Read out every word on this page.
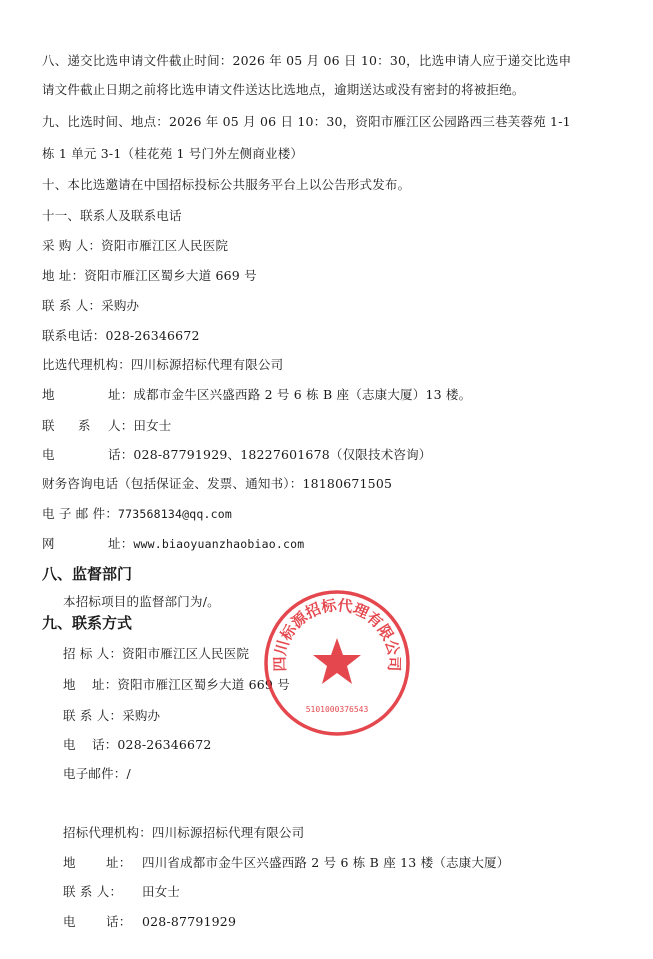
八、递交比选申请文件截止时间：2026 年 05 月 06 日 10：30，比选申请人应于递交比选申
请文件截止日期之前将比选申请文件送达比选地点，逾期送达或没有密封的将被拒绝。
九、比选时间、地点：2026 年 05 月 06 日 10：30，资阳市雁江区公园路西三巷芙蓉苑 1-1
栋 1 单元 3-1（桂花苑 1 号门外左侧商业楼）
十、本比选邀请在中国招标投标公共服务平台上以公告形式发布。
十一、联系人及联系电话
采 购 人：资阳市雁江区人民医院
地 址：资阳市雁江区蜀乡大道 669 号
联 系 人：采购办
联系电话：028-26346672
比选代理机构：四川标源招标代理有限公司
地	址：成都市金牛区兴盛西路 2 号 6 栋 B 座（志康大厦）13 楼。
联 系 人：田女士
电	话：028-87791929、18227601678（仅限技术咨询）
财务咨询电话（包括保证金、发票、通知书）：18180671505
电 子 邮 件：773568134@qq.com
网	址：www.biaoyuanzhaobiao.com
八、监督部门
本招标项目的监督部门为/。
九、联系方式
招 标 人：资阳市雁江区人民医院
地 址：资阳市雁江区蜀乡大道 669 号
联 系 人：采购办
电 话：028-26346672
电子邮件：/
招标代理机构：四川标源招标代理有限公司
地 址： 四川省成都市金牛区兴盛西路 2 号 6 栋 B 座 13 楼（志康大厦）
联 系 人： 田女士
电 话： 028-87791929
四川标源招标代理有限公司
5101000376543
